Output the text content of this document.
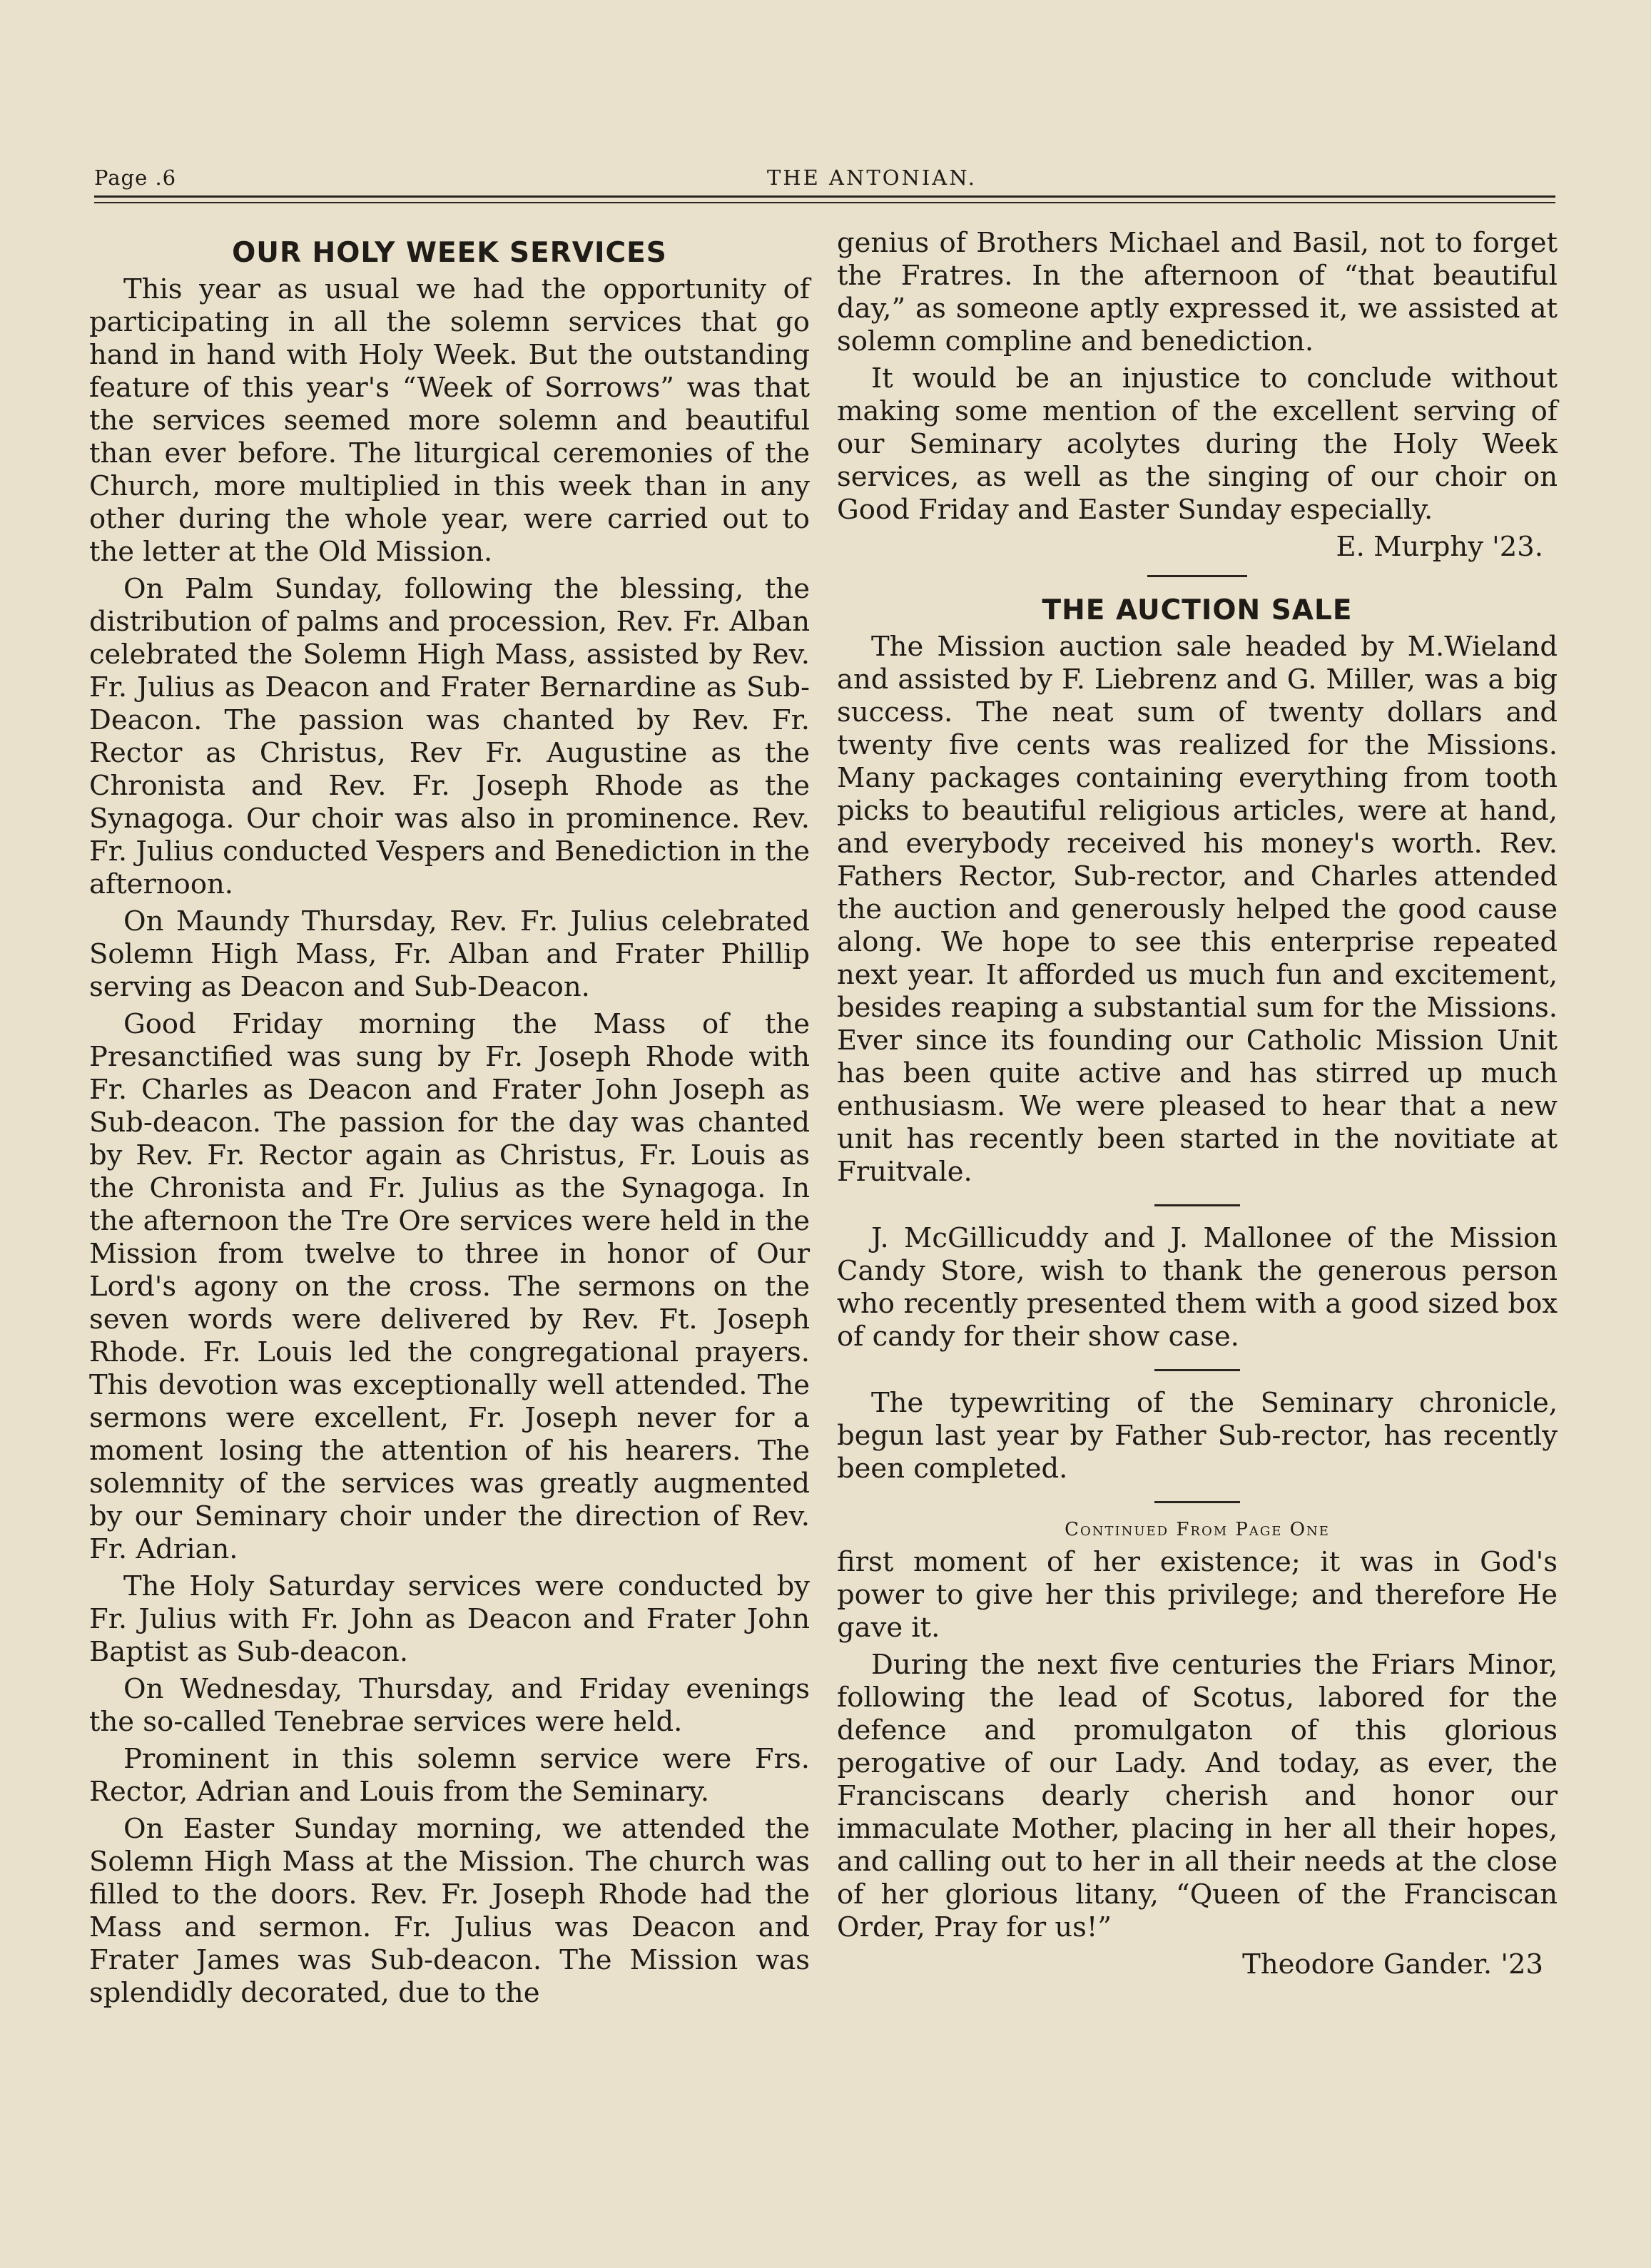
Page .6	THE ANTONIAN.
OUR HOLY WEEK SERVICES

This year as usual we had the opportunity of participating in all the solemn services that go hand in hand with Holy Week. But the outstanding feature of this year's “Week of Sorrows” was that the services seemed more solemn and beautiful than ever before. The liturgical ceremonies of the Church, more multiplied in this week than in any other during the whole year, were carried out to the letter at the Old Mission.

On Palm Sunday, following the blessing, the distribution of palms and procession, Rev. Fr. Alban celebrated the Solemn High Mass, assisted by Rev. Fr. Julius as Deacon and Frater Bernardine as Sub-Deacon. The passion was chanted by Rev. Fr. Rector as Christus, Rev Fr. Augustine as the Chronista and Rev. Fr. Joseph Rhode as the Synagoga. Our choir was also in prominence. Rev. Fr. Julius conducted Vespers and Benediction in the afternoon.

On Maundy Thursday, Rev. Fr. Julius celebrated Solemn High Mass, Fr. Alban and Frater Phillip serving as Deacon and Sub-Deacon.

Good Friday morning the Mass of the Presanctified was sung by Fr. Joseph Rhode with Fr. Charles as Deacon and Frater John Joseph as Sub-deacon. The passion for the day was chanted by Rev. Fr. Rector again as Christus, Fr. Louis as the Chronista and Fr. Julius as the Synagoga. In the afternoon the Tre Ore services were held in the Mission from twelve to three in honor of Our Lord's agony on the cross. The sermons on the seven words were delivered by Rev. Ft. Joseph Rhode. Fr. Louis led the congregational prayers. This devotion was exceptionally well attended. The sermons were excellent, Fr. Joseph never for a moment losing the attention of his hearers. The solemnity of the services was greatly augmented by our Seminary choir under the direction of Rev. Fr. Adrian.

The Holy Saturday services were conducted by Fr. Julius with Fr. John as Deacon and Frater John Baptist as Sub-deacon.

On Wednesday, Thursday, and Friday evenings the so-called Tenebrae services were held.

Prominent in this solemn service were Frs. Rector, Adrian and Louis from the Seminary.

On Easter Sunday morning, we attended the Solemn High Mass at the Mission. The church was filled to the doors. Rev. Fr. Joseph Rhode had the Mass and sermon. Fr. Julius was Deacon and Frater James was Sub-deacon. The Mission was splendidly decorated, due to the

genius of Brothers Michael and Basil, not to forget the Fratres. In the afternoon of “that beautiful day,” as someone aptly expressed it, we assisted at solemn compline and benediction.

It would be an injustice to conclude without making some mention of the excellent serving of our Seminary acolytes during the Holy Week services, as well as the singing of our choir on Good Friday and Easter Sunday especially.

E. Murphy '23.

THE AUCTION SALE

The Mission auction sale headed by M.Wieland and assisted by F. Liebrenz and G. Miller, was a big success. The neat sum of twenty dollars and twenty five cents was realized for the Missions. Many packages containing everything from tooth picks to beautiful religious articles, were at hand, and everybody received his money's worth. Rev. Fathers Rector, Sub-rector, and Charles attended the auction and generously helped the good cause along. We hope to see this enterprise repeated next year. It afforded us much fun and excitement, besides reaping a substantial sum for the Missions. Ever since its founding our Catholic Mission Unit has been quite active and has stirred up much enthusiasm. We were pleased to hear that a new unit has recently been started in the novitiate at Fruitvale.

J. McGillicuddy and J. Mallonee of the Mission Candy Store, wish to thank the generous person who recently presented them with a good sized box of candy for their show case.

The typewriting of the Seminary chronicle, begun last year by Father Sub-rector, has recently been completed.

Continued From Page One

first moment of her existence; it was in God's power to give her this privilege; and therefore He gave it.

During the next five centuries the Friars Minor, following the lead of Scotus, labored for the defence and promulgaton of this glorious perogative of our Lady. And today, as ever, the Franciscans dearly cherish and honor our immaculate Mother, placing in her all their hopes, and calling out to her in all their needs at the close of her glorious litany, “Queen of the Franciscan Order, Pray for us!”

Theodore Gander. '23
